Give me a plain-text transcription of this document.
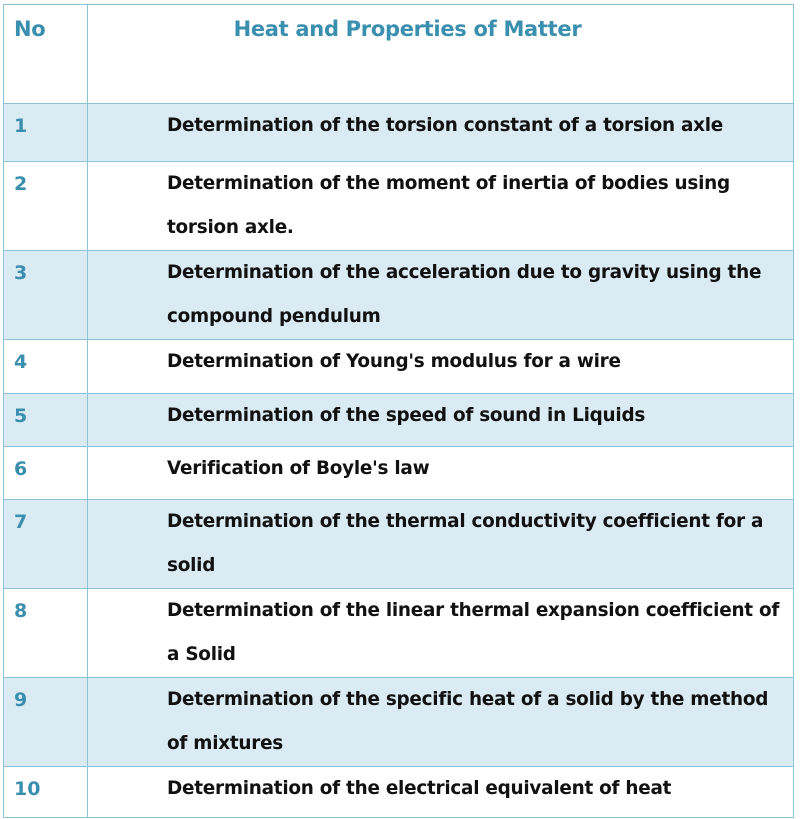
No	Heat and Properties of Matter

1	Determination of the torsion constant of a torsion axle

2	Determination of the moment of inertia of bodies using torsion axle.

3	Determination of the acceleration due to gravity using the compound pendulum

4	Determination of Young's modulus for a wire

5	Determination of the speed of sound in Liquids

6	Verification of Boyle's law

7	Determination of the thermal conductivity coefficient for a solid

8	Determination of the linear thermal expansion coefficient of a Solid

9	Determination of the specific heat of a solid by the method of mixtures

10	Determination of the electrical equivalent of heat
